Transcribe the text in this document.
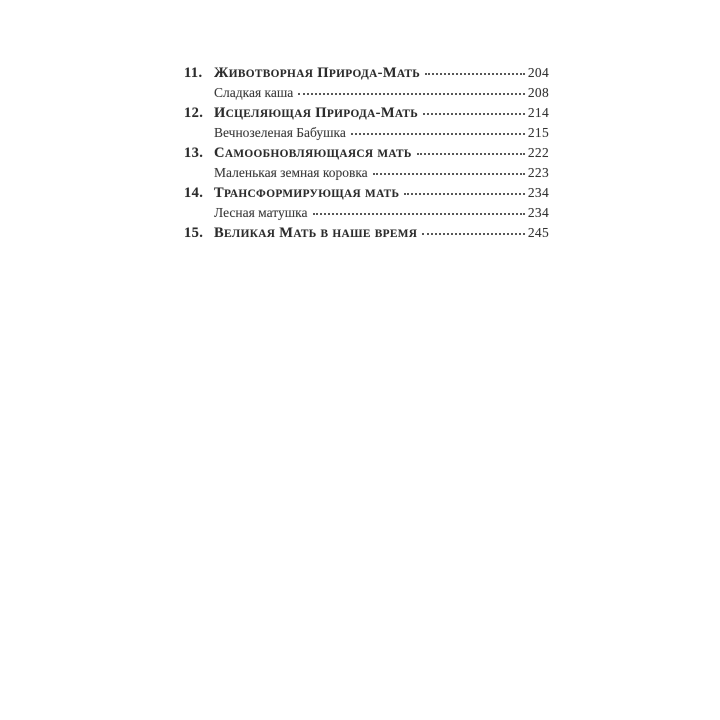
11. ЖИВОТВОРНАЯ ПРИРОДА-МАТЬ	204
Сладкая каша	208
12. ИСЦЕЛЯЮЩАЯ ПРИРОДА-МАТЬ	214
Вечнозеленая Бабушка	215
13. САМООБНОВЛЯЮЩАЯСЯ МАТЬ	222
Маленькая земная коровка	223
14. ТРАНСФОРМИРУЮЩАЯ МАТЬ	234
Лесная матушка	234
15. ВЕЛИКАЯ МАТЬ В НАШЕ ВРЕМЯ	245
